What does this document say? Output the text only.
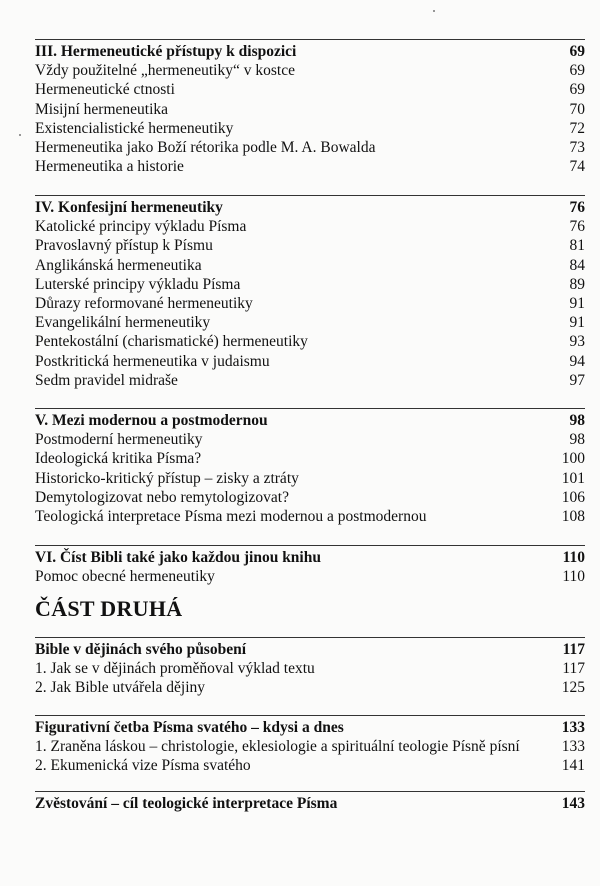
III. Hermeneutické přístupy k dispozici	69
Vždy použitelné „hermeneutiky“ v kostce	69
Hermeneutické ctnosti	69
Misijní hermeneutika	70
Existencialistické hermeneutiky	72
Hermeneutika jako Boží rétorika podle M. A. Bowalda	73
Hermeneutika a historie	74
IV. Konfesijní hermeneutiky	76
Katolické principy výkladu Písma	76
Pravoslavný přístup k Písmu	81
Anglikánská hermeneutika	84
Luterské principy výkladu Písma	89
Důrazy reformované hermeneutiky	91
Evangelikální hermeneutiky	91
Pentekostální (charismatické) hermeneutiky	93
Postkritická hermeneutika v judaismu	94
Sedm pravidel midraše	97
V. Mezi modernou a postmodernou	98
Postmoderní hermeneutiky	98
Ideologická kritika Písma?	100
Historicko-kritický přístup – zisky a ztráty	101
Demytologizovat nebo remytologizovat?	106
Teologická interpretace Písma mezi modernou a postmodernou	108
VI. Číst Bibli také jako každou jinou knihu	110
Pomoc obecné hermeneutiky	110
ČÁST DRUHÁ
Bible v dějinách svého působení	117
1. Jak se v dějinách proměňoval výklad textu	117
2. Jak Bible utvářela dějiny	125
Figurativní četba Písma svatého – kdysi a dnes	133
1. Zraněna láskou – christologie, eklesiologie a spirituální teologie Písně písní	133
2. Ekumenická vize Písma svatého	141
Zvěstování – cíl teologické interpretace Písma	143
